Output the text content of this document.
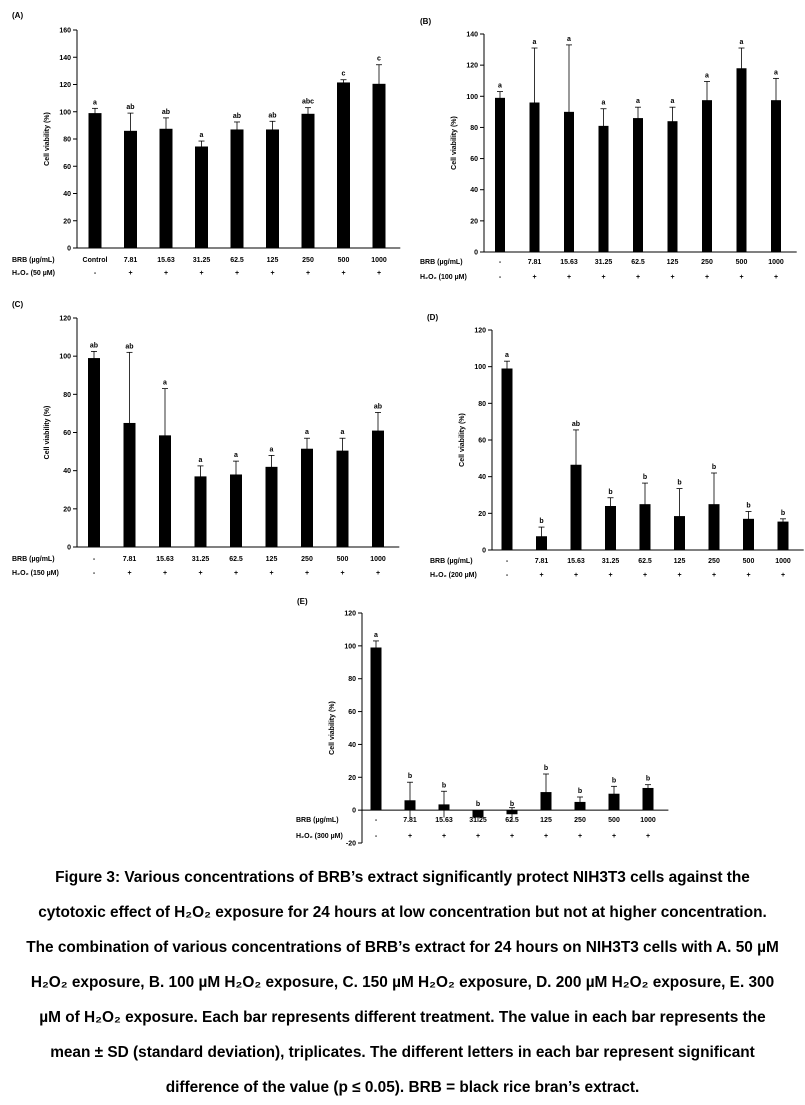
(A)
0
20
40
60
80
100
120
140
160
Cell viability (%)
a
Control
-
ab
7.81
+
ab
15.63
+
a
31.25
+
ab
62.5
+
ab
125
+
abc
250
+
c
500
+
c
1000
+
BRB (µg/mL)
H₂O₂ (50 µM)
(B)
0
20
40
60
80
100
120
140
Cell viability (%)
a
-
-
a
7.81
+
a
15.63
+
a
31.25
+
a
62.5
+
a
125
+
a
250
+
a
500
+
a
1000
+
BRB (µg/mL)
H₂O₂ (100 µM)
(C)
0
20
40
60
80
100
120
Cell viability (%)
ab
-
-
ab
7.81
+
a
15.63
+
a
31.25
+
a
62.5
+
a
125
+
a
250
+
a
500
+
ab
1000
+
BRB (µg/mL)
H₂O₂ (150 µM)
(D)
0
20
40
60
80
100
120
Cell viability (%)
a
-
-
b
7.81
+
ab
15.63
+
b
31.25
+
b
62.5
+
b
125
+
b
250
+
b
500
+
b
1000
+
BRB (µg/mL)
H₂O₂ (200 µM)
(E)
-20
0
20
40
60
80
100
120
Cell viability (%)
a
-
-
b
7.81
+
b
15.63
+
b
31.25
+
b
62.5
+
b
125
+
b
250
+
b
500
+
b
1000
+
BRB (µg/mL)
H₂O₂ (300 µM)
Figure 3: Various concentrations of BRB’s extract significantly protect NIH3T3 cells against the
cytotoxic effect of H₂O₂ exposure for 24 hours at low concentration but not at higher concentration.
The combination of various concentrations of BRB’s extract for 24 hours on NIH3T3 cells with A. 50 µM
H₂O₂ exposure, B. 100 µM H₂O₂ exposure, C. 150 µM H₂O₂ exposure, D. 200 µM H₂O₂ exposure, E. 300
µM of H₂O₂ exposure. Each bar represents different treatment. The value in each bar represents the
mean ± SD (standard deviation), triplicates. The different letters in each bar represent significant
difference of the value (p ≤ 0.05). BRB = black rice bran’s extract.
